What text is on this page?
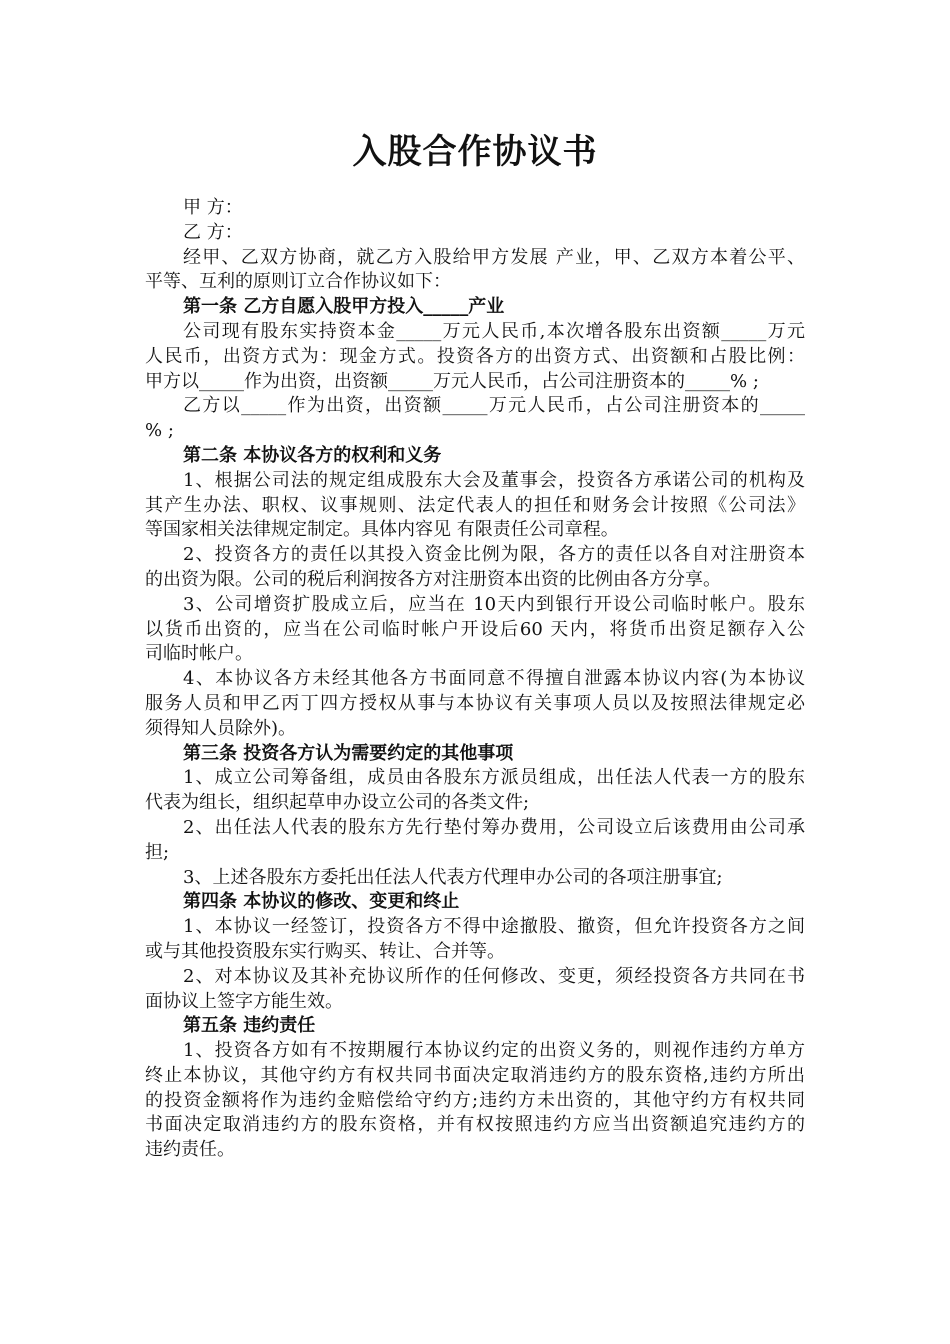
入股合作协议书
甲 方：
乙 方：
经甲、乙双方协商，就乙方入股给甲方发展 产业，甲、乙双方本着公平、
平等、互利的原则订立合作协议如下：
第一条 乙方自愿入股甲方投入_____产业
公司现有股东实持资本金_____万元人民币,本次增各股东出资额_____万元
人民币，出资方式为：现金方式。投资各方的出资方式、出资额和占股比例：
甲方以_____作为出资，出资额_____万元人民币，占公司注册资本的_____% ;
乙方以_____作为出资，出资额_____万元人民币，占公司注册资本的_____
% ;
第二条 本协议各方的权利和义务
1、根据公司法的规定组成股东大会及董事会，投资各方承诺公司的机构及
其产生办法、职权、议事规则、法定代表人的担任和财务会计按照《公司法》
等国家相关法律规定制定。具体内容见 有限责任公司章程。
2、投资各方的责任以其投入资金比例为限，各方的责任以各自对注册资本
的出资为限。公司的税后利润按各方对注册资本出资的比例由各方分享。
3、公司增资扩股成立后，应当在 10天内到银行开设公司临时帐户。股东
以货币出资的，应当在公司临时帐户开设后60 天内，将货币出资足额存入公
司临时帐户。
4、本协议各方未经其他各方书面同意不得擅自泄露本协议内容(为本协议
服务人员和甲乙丙丁四方授权从事与本协议有关事项人员以及按照法律规定必
须得知人员除外)。
第三条 投资各方认为需要约定的其他事项
1、成立公司筹备组，成员由各股东方派员组成，出任法人代表一方的股东
代表为组长，组织起草申办设立公司的各类文件;
2、出任法人代表的股东方先行垫付筹办费用，公司设立后该费用由公司承
担;
3、上述各股东方委托出任法人代表方代理申办公司的各项注册事宜;
第四条 本协议的修改、变更和终止
1、本协议一经签订，投资各方不得中途撤股、撤资，但允许投资各方之间
或与其他投资股东实行购买、转让、合并等。
2、对本协议及其补充协议所作的任何修改、变更，须经投资各方共同在书
面协议上签字方能生效。
第五条 违约责任
1、投资各方如有不按期履行本协议约定的出资义务的，则视作违约方单方
终止本协议，其他守约方有权共同书面决定取消违约方的股东资格,违约方所出
的投资金额将作为违约金赔偿给守约方;违约方未出资的，其他守约方有权共同
书面决定取消违约方的股东资格，并有权按照违约方应当出资额追究违约方的
违约责任。
